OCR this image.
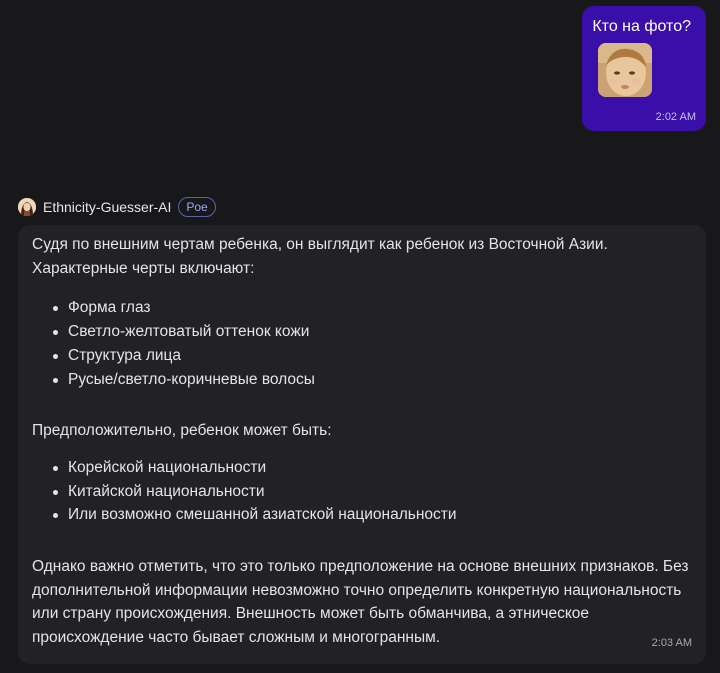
Кто на фото?
2:02 AM
Ethnicity-Guesser-AI	Poe

Судя по внешним чертам ребенка, он выглядит как ребенок из Восточной Азии. Характерные черты включают:

Форма глаз
Светло-желтоватый оттенок кожи
Структура лица
Русые/светло-коричневые волосы

Предположительно, ребенок может быть:

Корейской национальности
Китайской национальности
Или возможно смешанной азиатской национальности

Однако важно отметить, что это только предположение на основе внешних признаков. Без дополнительной информации невозможно точно определить конкретную национальность или страну происхождения. Внешность может быть обманчива, а этническое происхождение часто бывает сложным и многогранным.	2:03 AM
